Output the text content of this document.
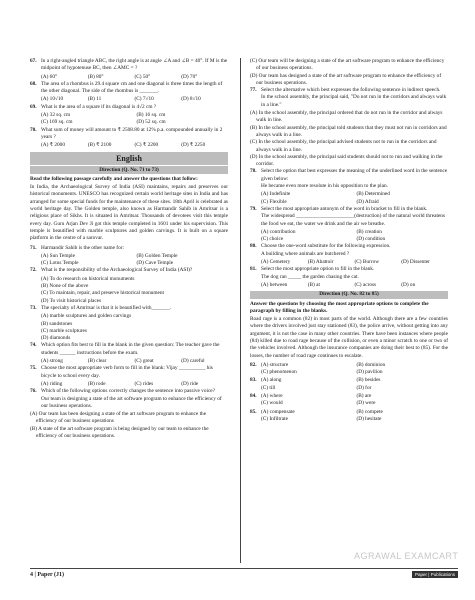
67. In a right-angled triangle ABC, the right angle is at angle ∠A and ∠B = 40°. If M is the midpoint of hypotenuse BC, then ∠AMC = ?
(A) 60°	(B) 80°	(C) 50°	(D) 70°
68. The area of a rhombus is 29.4 square cm and one diagonal is three times the length of the other diagonal. The side of the rhombus is _______.
(A) 10√10	(B) 11	(C) 7√10	(D) 8√10
69. What is the area of a square if its diagonal is 4√2 cm ?
(A) 32 sq. cm	(B) 16 sq. cm
(C) 169 sq. cm	(D) 52 sq. cm
70. What sum of money will amount to ₹ 2508.80 at 12% p.a. compounded annually in 2 years ?
(A) ₹ 2000	(B) ₹ 2100	(C) ₹ 2200	(D) ₹ 2250
English
Direction (Q. No. 71 to 73)
Read the following passage carefully and answer the questions that follow:
In India, the Archaeological Survey of India (ASI) maintains, repairs and preserves our historical monuments. UNESCO has recognized certain world heritage sites in India and has arranged for some special funds for the maintenance of these sites. 18th April is celebrated as world heritage day. The Golden temple, also known as Harmandir Sahib in Amritsar is a religious place of Sikhs. It is situated in Amritsar. Thousands of devotees visit this temple every day. Guru Arjan Dev Ji got this temple completed in 1601 under his supervision. This temple is beautified with marble sculptures and golden carvings. It is built on a square platform in the centre of a sarovar.
71. Harmandir Sahib is the other name for:
(A) Sun Temple	(B) Golden Temple
(C) Lotus Temple	(D) Cave Temple
72. What is the responsibility of the Archaeological Survey of India (ASI)?
(A) To do research on historical monuments
(B) None of the above
(C) To maintain, repair, and preserve historical monument
(D) To visit historical places
73. The specialty of Amritsar is that it is beautified with_______.
(A) marble sculptures and golden carvings
(B) sandstones
(C) marble sculptures
(D) diamonds
74. Which option fits best to fill in the blank in the given question: The teacher gave the students ______ instructions before the exam.
(A) strong	(B) clear	(C) great	(D) careful
75. Choose the most appropriate verb form to fill in the blank: Vijay __________ his bicycle to school every day.
(A) riding	(B) rode	(C) rides	(D) ride
76. Which of the following options correctly changes the sentence into passive voice?
Our team is designing a state of the art software program to enhance the efficiency of our business operations.
(A) Our team has been designing a state of the art software program to enhance the efficiency of our business operations
(B) A state of the art software program is being designed by our team to enhance the efficiency of our business operations.
(C) Our team will be designing a state of the art software program to enhance the efficiency of our business operations.
(D) Our team has designed a state of the art software program to enhance the efficiency of our business operations.
77. Select the alternative which best expresses the following sentence in indirect speech.
In the school assembly, the principal said, "Do not run in the corridors and always walk in a line."
(A) In the school assembly, the principal ordered that do not run in the corridor and always walk in line.
(B) In the school assembly, the principal told students that they must not run in corridors and always walk in a line.
(C) In the school assembly, the principal advised students not to run in the corridors and always walk in a line.
(D) In the school assembly, the principal said students should not to run and walking in the corridor.
78. Select the option that best expresses the meaning of the underlined word in the sentence given below:
He became even more resolute in his opposition to the plan.
(A) Indefinite	(B) Determined
(C) Flexible	(D) Afraid
79. Select the most appropriate antonym of the word in bracket to fill in the blank.
The widespread ______________________(destruction) of the natural world threatens the food we eat, the water we drink and the air we breathe.
(A) contribution	(B) creation
(C) choice	(D) condition
80. Choose the one-word substitute for the following expression.
A building where animals are butchered ?
(A) Cemetery	(B) Abattoir	(C) Burrow	(D) Dissenter
81. Select the most appropriate option to fill in the blank.
The dog ran _____ the garden chasing the cat.
(A) between	(B) at	(C) across	(D) on
Direction (Q. No. 82 to 85)
Answer the questions by choosing the most appropriate options to complete the paragraph by filling in the blanks.
Road rage is a common (82) in most parts of the world. Although there are a few countries where the drivers involved just stay stationed (83), the police arrive, without getting into any argument, it is not the case in many other countries. There have been instances where people (84) killed due to road rage because of the collision, or even a minor scratch to one or two of the vehicles involved. Although the insurance companies are doing their best to (85). For the losses, the number of road rage continues to escalate.
82. (A) structure	(B) dominion
(C) phenomenon	(D) pavilion
83. (A) along	(B) besides
(C) till	(D) for
84. (A) where	(B) are
(C) would	(D) were
85. (A) compensate	(B) compete
(C) Infiltrate	(D) hesitate
AGRAWAL EXAMCART
4 | Paper (J1)	Paper | Publications
